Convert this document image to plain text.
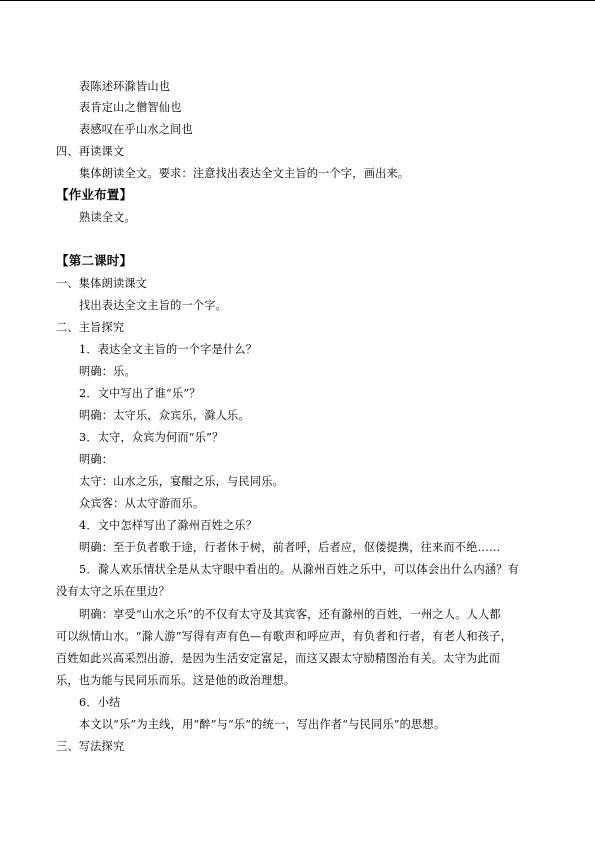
表陈述环滁皆山也
表肯定山之僧智仙也
表感叹在乎山水之间也
四、再读课文
集体朗读全文。要求：注意找出表达全文主旨的一个字，画出来。
【作业布置】
熟读全文。
【第二课时】
一、集体朗读课文
找出表达全文主旨的一个字。
二、主旨探究
1．表达全文主旨的一个字是什么？
明确：乐。
2．文中写出了谁“乐”？
明确：太守乐，众宾乐，滁人乐。
3．太守，众宾为何而“乐”？
明确：
太守：山水之乐，宴酣之乐，与民同乐。
众宾客：从太守游而乐。
4．文中怎样写出了滁州百姓之乐？
明确：至于负者歌于途，行者休于树，前者呼，后者应，伛偻提携，往来而不绝……
5．滁人欢乐情状全是从太守眼中看出的。从滁州百姓之乐中，可以体会出什么内涵？有
没有太守之乐在里边？
明确：享受“山水之乐”的不仅有太守及其宾客，还有滁州的百姓，一州之人。人人都
可以纵情山水。“滁人游”写得有声有色—有歌声和呼应声，有负者和行者，有老人和孩子，
百姓如此兴高采烈出游，是因为生活安定富足，而这又跟太守励精图治有关。太守为此而
乐，也为能与民同乐而乐。这是他的政治理想。
6．小结
本文以“乐”为主线，用“醉”与“乐”的统一，写出作者“与民同乐”的思想。
三、写法探究
